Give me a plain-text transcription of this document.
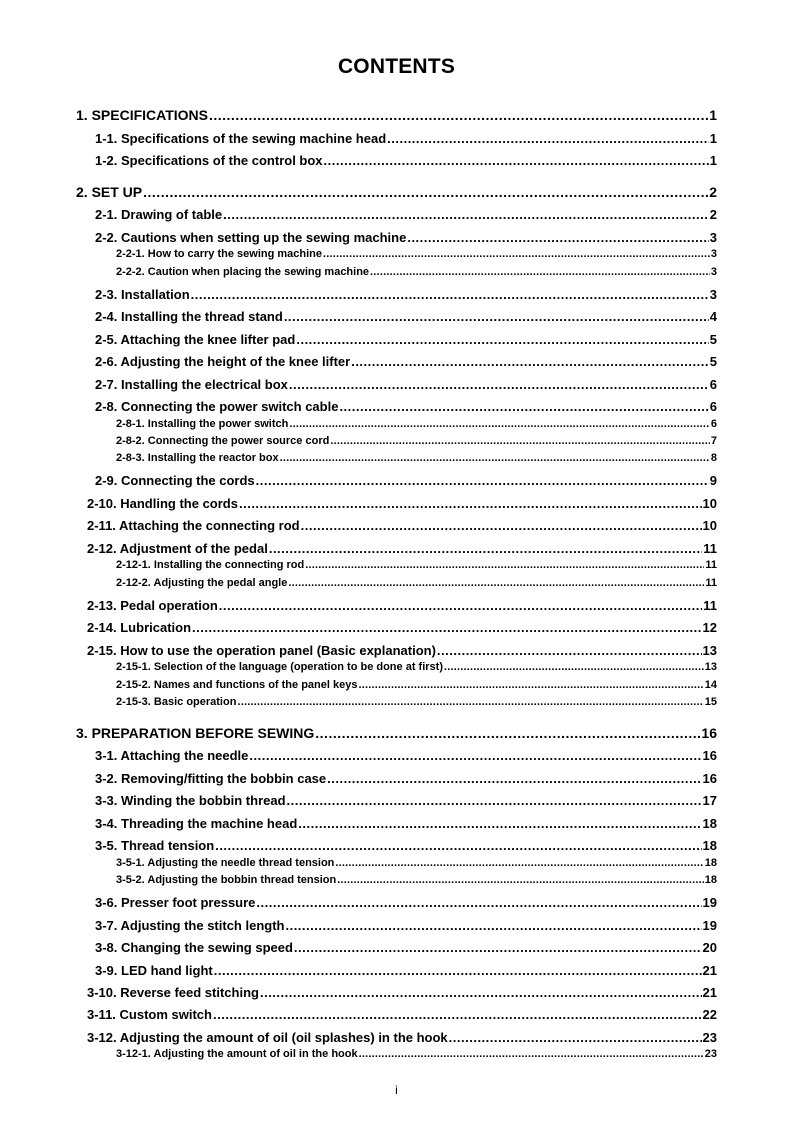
CONTENTS
1. SPECIFICATIONS .....	1
1-1. Specifications of the sewing machine head .....	1
1-2. Specifications of the control box .....	1
2. SET UP .....	2
2-1. Drawing of table .....	2
2-2. Cautions when setting up the sewing machine .....	3
2-2-1. How to carry the sewing machine .....	3
2-2-2. Caution when placing the sewing machine .....	3
2-3. Installation .....	3
2-4. Installing the thread stand .....	4
2-5. Attaching the knee lifter pad .....	5
2-6. Adjusting the height of the knee lifter .....	5
2-7. Installing the electrical box .....	6
2-8. Connecting the power switch cable .....	6
2-8-1. Installing the power switch .....	6
2-8-2. Connecting the power source cord .....	7
2-8-3. Installing the reactor box .....	8
2-9. Connecting the cords .....	9
2-10. Handling the cords .....	10
2-11. Attaching the connecting rod .....	10
2-12. Adjustment of the pedal .....	11
2-12-1. Installing the connecting rod .....	11
2-12-2. Adjusting the pedal angle .....	11
2-13. Pedal operation .....	11
2-14. Lubrication .....	12
2-15. How to use the operation panel (Basic explanation) .....	13
2-15-1. Selection of the language (operation to be done at first) .....	13
2-15-2. Names and functions of the panel keys .....	14
2-15-3. Basic operation .....	15
3. PREPARATION BEFORE SEWING .....	16
3-1. Attaching the needle .....	16
3-2. Removing/fitting the bobbin case .....	16
3-3. Winding the bobbin thread .....	17
3-4. Threading the machine head .....	18
3-5. Thread tension .....	18
3-5-1. Adjusting the needle thread tension .....	18
3-5-2. Adjusting the bobbin thread tension .....	18
3-6. Presser foot pressure .....	19
3-7. Adjusting the stitch length .....	19
3-8. Changing the sewing speed .....	20
3-9. LED hand light .....	21
3-10. Reverse feed stitching .....	21
3-11. Custom switch .....	22
3-12. Adjusting the amount of oil (oil splashes) in the hook .....	23
3-12-1. Adjusting the amount of oil in the hook .....	23
i
